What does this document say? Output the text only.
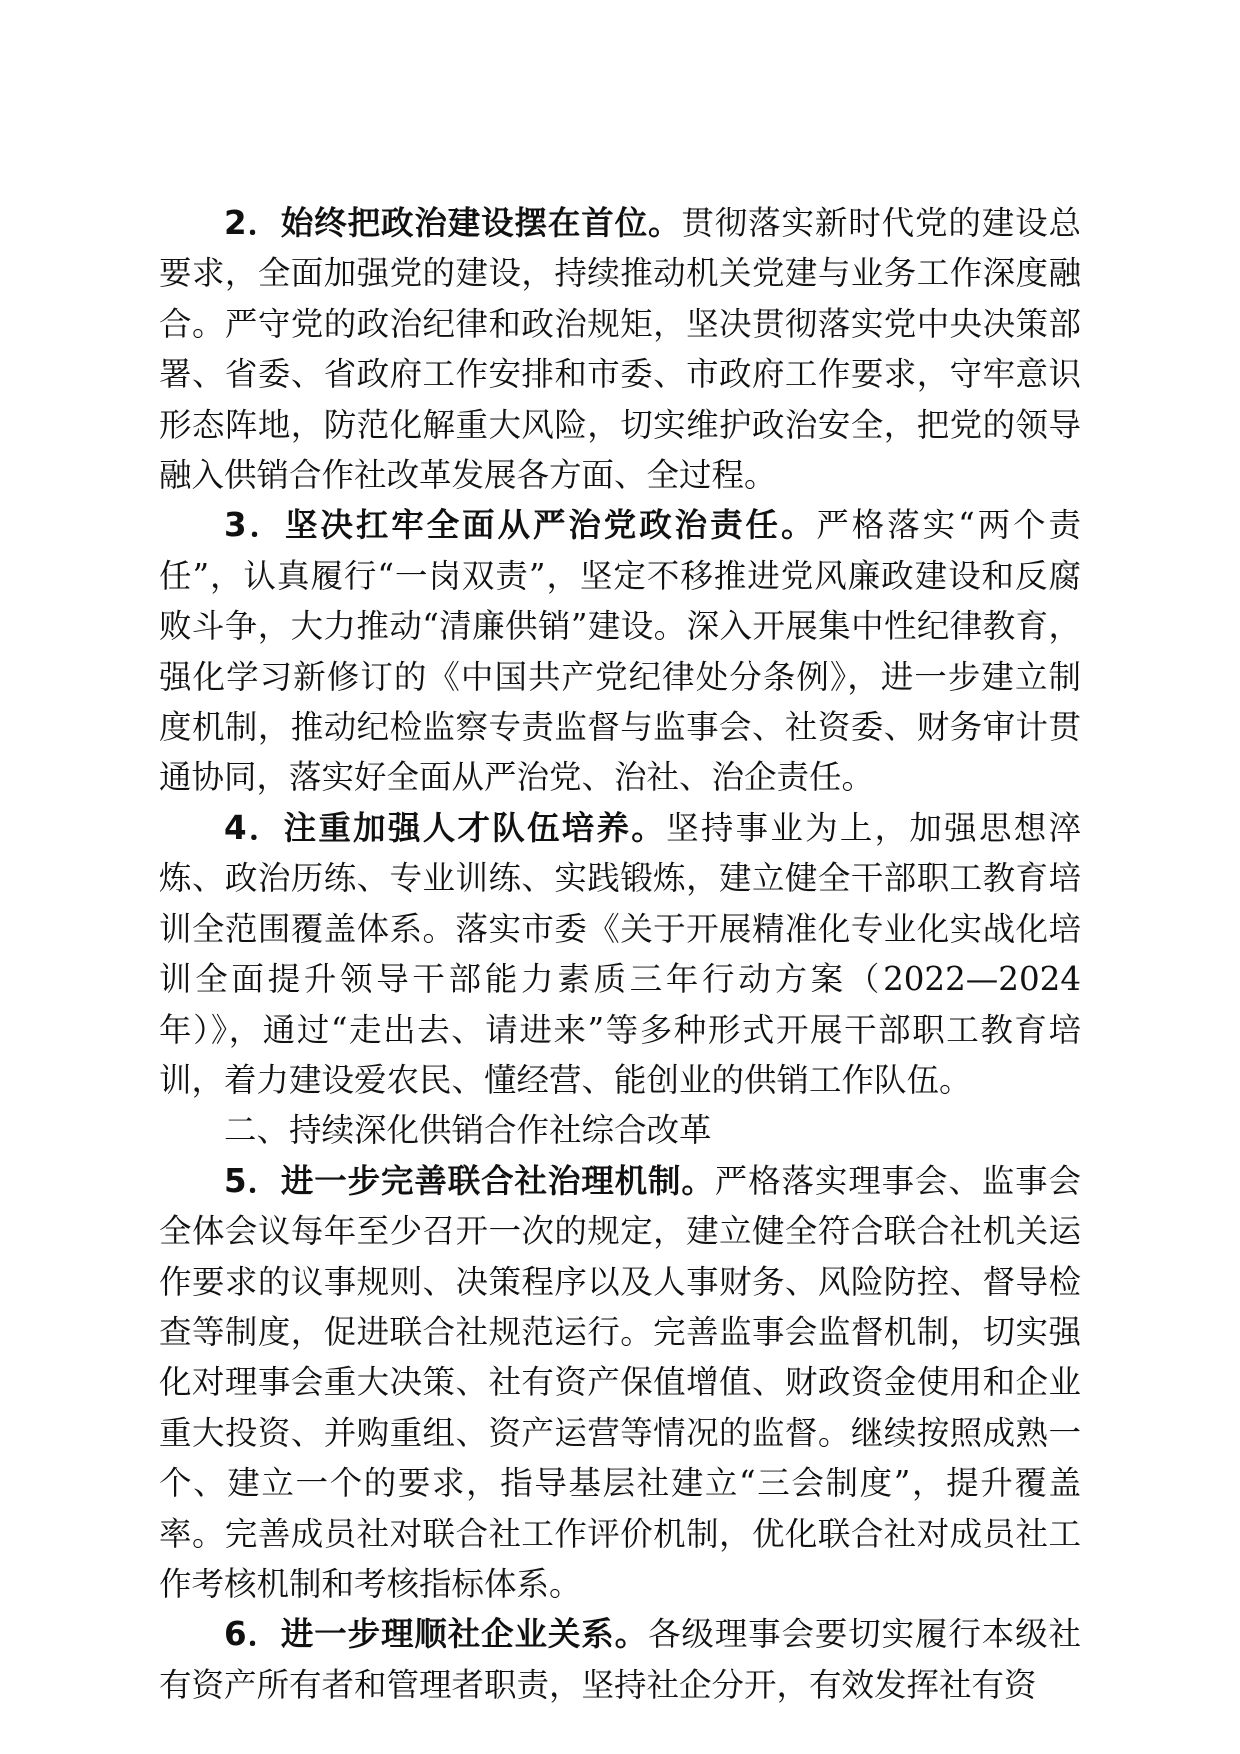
2．始终把政治建设摆在首位。贯彻落实新时代党的建设总要求，全面加强党的建设，持续推动机关党建与业务工作深度融合。严守党的政治纪律和政治规矩，坚决贯彻落实党中央决策部署、省委、省政府工作安排和市委、市政府工作要求，守牢意识形态阵地，防范化解重大风险，切实维护政治安全，把党的领导融入供销合作社改革发展各方面、全过程。

3．坚决扛牢全面从严治党政治责任。严格落实“两个责任”，认真履行“一岗双责”，坚定不移推进党风廉政建设和反腐败斗争，大力推动“清廉供销”建设。深入开展集中性纪律教育，强化学习新修订的《中国共产党纪律处分条例》，进一步建立制度机制，推动纪检监察专责监督与监事会、社资委、财务审计贯通协同，落实好全面从严治党、治社、治企责任。

4．注重加强人才队伍培养。坚持事业为上，加强思想淬炼、政治历练、专业训练、实践锻炼，建立健全干部职工教育培训全范围覆盖体系。落实市委《关于开展精准化专业化实战化培训全面提升领导干部能力素质三年行动方案（2022—2024年）》，通过“走出去、请进来”等多种形式开展干部职工教育培训，着力建设爱农民、懂经营、能创业的供销工作队伍。

二、持续深化供销合作社综合改革

5．进一步完善联合社治理机制。严格落实理事会、监事会全体会议每年至少召开一次的规定，建立健全符合联合社机关运作要求的议事规则、决策程序以及人事财务、风险防控、督导检查等制度，促进联合社规范运行。完善监事会监督机制，切实强化对理事会重大决策、社有资产保值增值、财政资金使用和企业重大投资、并购重组、资产运营等情况的监督。继续按照成熟一个、建立一个的要求，指导基层社建立“三会制度”，提升覆盖率。完善成员社对联合社工作评价机制，优化联合社对成员社工作考核机制和考核指标体系。

6．进一步理顺社企业关系。各级理事会要切实履行本级社有资产所有者和管理者职责，坚持社企分开，有效发挥社有资
